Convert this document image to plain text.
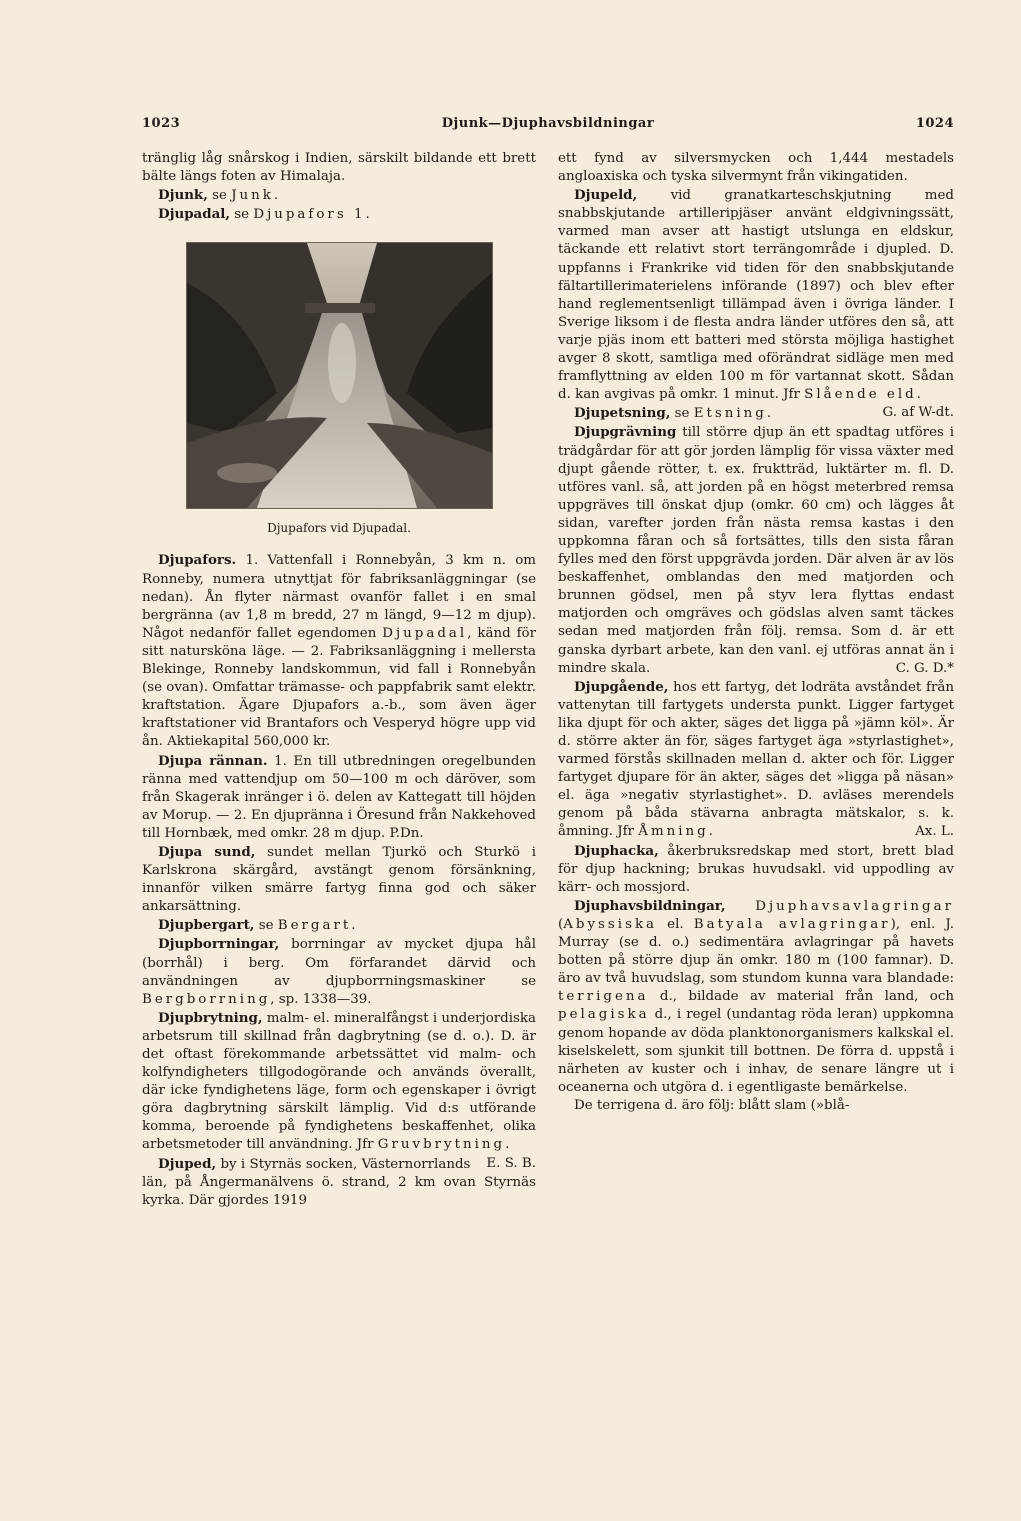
1023	Djunk—Djuphavsbildningar	1024

tränglig låg snårskog i Indien, särskilt bildande ett brett bälte längs foten av Himalaja.

Djunk, se Junk.

Djupadal, se Djupafors 1.

Djupafors vid Djupadal.

Djupafors. 1. Vattenfall i Ronnebyån, 3 km n. om Ronneby, numera utnyttjat för fabriksanläggningar (se nedan). Ån flyter närmast ovanför fallet i en smal bergränna (av 1,8 m bredd, 27 m längd, 9—12 m djup). Något nedanför fallet egendomen Djupadal, känd för sitt natursköna läge. — 2. Fabriksanläggning i mellersta Blekinge, Ronneby landskommun, vid fall i Ronnebyån (se ovan). Omfattar trämasse- och pappfabrik samt elektr. kraftstation. Ägare Djupafors a.-b., som även äger kraftstationer vid Brantafors och Vesperyd högre upp vid ån. Aktiekapital 560,000 kr.

Djupa rännan. 1. En till utbredningen oregelbunden ränna med vattendjup om 50—100 m och däröver, som från Skagerak inränger i ö. delen av Kattegatt till höjden av Morup. — 2. En djupränna i Öresund från Nakkehoved till Hornbæk, med omkr. 28 m djup. P.Dn.

Djupa sund, sundet mellan Tjurkö och Sturkö i Karlskrona skärgård, avstängt genom försänkning, innanför vilken smärre fartyg finna god och säker ankarsättning.

Djupbergart, se Bergart.

Djupborrningar, borrningar av mycket djupa hål (borrhål) i berg. Om förfarandet därvid och användningen av djupborrningsmaskiner se Bergborrning, sp. 1338—39.

Djupbrytning, malm- el. mineralfångst i underjordiska arbetsrum till skillnad från dagbrytning (se d. o.). D. är det oftast förekommande arbetssättet vid malm- och kolfyndigheters tillgodogörande och används överallt, där icke fyndighetens läge, form och egenskaper i övrigt göra dagbrytning särskilt lämplig. Vid d:s utförande komma, beroende på fyndighetens beskaffenhet, olika arbetsmetoder till användning. Jfr Gruvbrytning.
E. S. B.

Djuped, by i Styrnäs socken, Västernorrlands län, på Ångermanälvens ö. strand, 2 km ovan Styrnäs kyrka. Där gjordes 1919

ett fynd av silversmycken och 1,444 mestadels angloaxiska och tyska silvermynt från vikingatiden.

Djupeld, vid granatkarteschskjutning med snabbskjutande artilleripjäser använt eldgivningssätt, varmed man avser att hastigt utslunga en eldskur, täckande ett relativt stort terrängområde i djupled. D. uppfanns i Frankrike vid tiden för den snabbskjutande fältartillerimaterielens införande (1897) och blev efter hand reglementsenligt tillämpad även i övriga länder. I Sverige liksom i de flesta andra länder utföres den så, att varje pjäs inom ett batteri med största möjliga hastighet avger 8 skott, samtliga med oförändrat sidläge men med framflyttning av elden 100 m för vartannat skott. Sådan d. kan avgivas på omkr. 1 minut. Jfr Slående eld.
G. af W-dt.

Djupetsning, se Etsning.

Djupgrävning till större djup än ett spadtag utföres i trädgårdar för att gör jorden lämplig för vissa växter med djupt gående rötter, t. ex. fruktträd, luktärter m. fl. D. utföres vanl. så, att jorden på en högst meterbred remsa uppgräves till önskat djup (omkr. 60 cm) och lägges åt sidan, varefter jorden från nästa remsa kastas i den uppkomna fåran och så fortsättes, tills den sista fåran fylles med den först uppgrävda jorden. Där alven är av lös beskaffenhet, omblandas den med matjorden och brunnen gödsel, men på styv lera flyttas endast matjorden och omgräves och gödslas alven samt täckes sedan med matjorden från följ. remsa. Som d. är ett ganska dyrbart arbete, kan den vanl. ej utföras annat än i mindre skala.	C. G. D.*

Djupgående, hos ett fartyg, det lodräta avståndet från vattenytan till fartygets understa punkt. Ligger fartyget lika djupt för och akter, säges det ligga på »jämn köl». Är d. större akter än för, säges fartyget äga »styrlastighet», varmed förstås skillnaden mellan d. akter och för. Ligger fartyget djupare för än akter, säges det »ligga på näsan» el. äga »negativ styrlastighet». D. avläses merendels genom på båda stävarna anbragta mätskalor, s. k. åmning. Jfr Åmning.	Ax. L.

Djuphacka, åkerbruksredskap med stort, brett blad för djup hackning; brukas huvudsakl. vid uppodling av kärr- och mossjord.

Djuphavsbildningar, Djuphavsavlagringar (Abyssiska el. Batyala avlagringar), enl. J. Murray (se d. o.) sedimentära avlagringar på havets botten på större djup än omkr. 180 m (100 famnar). D. äro av två huvudslag, som stundom kunna vara blandade: terrigena d., bildade av material från land, och pelagiska d., i regel (undantag röda leran) uppkomna genom hopande av döda planktonorganismers kalkskal el. kiselskelett, som sjunkit till bottnen. De förra d. uppstå i närheten av kuster och i inhav, de senare längre ut i oceanerna och utgöra d. i egentligaste bemärkelse.

De terrigena d. äro följ: blått slam (»blå-
